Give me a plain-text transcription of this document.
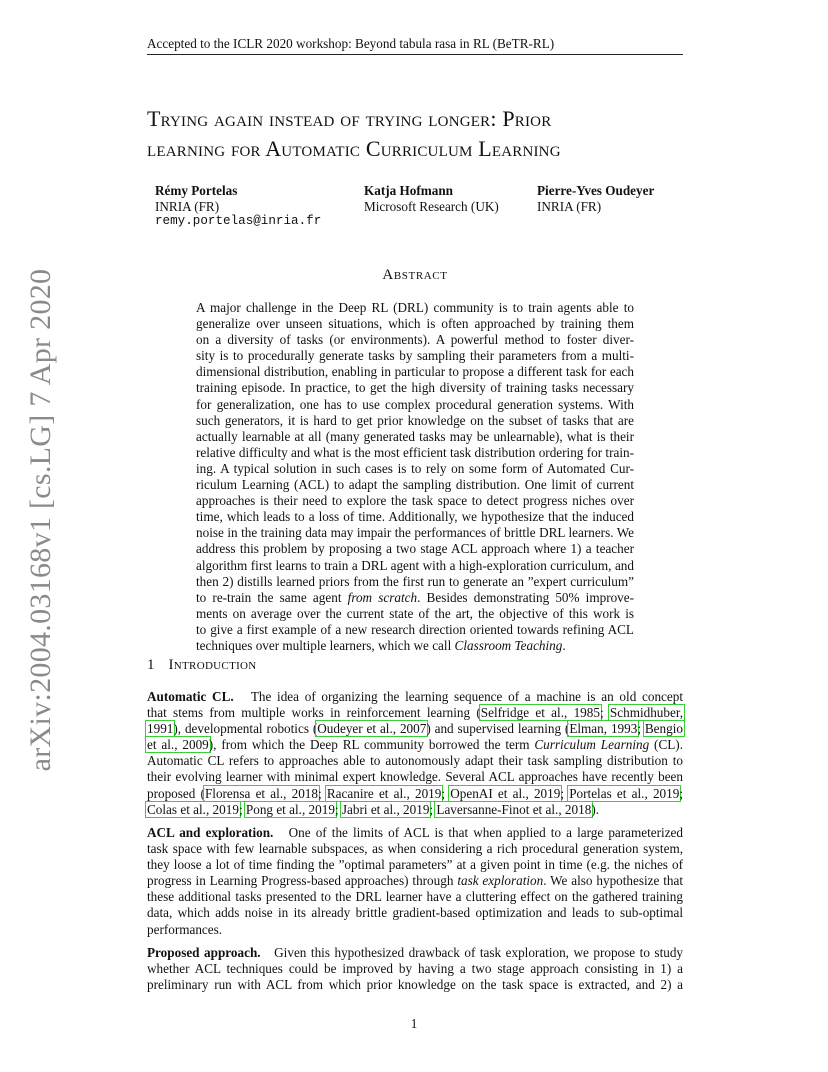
Accepted to the ICLR 2020 workshop: Beyond tabula rasa in RL (BeTR-RL)
Trying again instead of trying longer: Prior
learning for Automatic Curriculum Learning
Rémy Portelas
INRIA (FR)
remy.portelas@inria.fr
Katja Hofmann
Microsoft Research (UK)
Pierre-Yves Oudeyer
INRIA (FR)
Abstract
A major challenge in the Deep RL (DRL) community is to train agents able to
generalize over unseen situations, which is often approached by training them
on a diversity of tasks (or environments). A powerful method to foster diver-
sity is to procedurally generate tasks by sampling their parameters from a multi-
dimensional distribution, enabling in particular to propose a different task for each
training episode. In practice, to get the high diversity of training tasks necessary
for generalization, one has to use complex procedural generation systems. With
such generators, it is hard to get prior knowledge on the subset of tasks that are
actually learnable at all (many generated tasks may be unlearnable), what is their
relative difficulty and what is the most efficient task distribution ordering for train-
ing. A typical solution in such cases is to rely on some form of Automated Cur-
riculum Learning (ACL) to adapt the sampling distribution. One limit of current
approaches is their need to explore the task space to detect progress niches over
time, which leads to a loss of time. Additionally, we hypothesize that the induced
noise in the training data may impair the performances of brittle DRL learners. We
address this problem by proposing a two stage ACL approach where 1) a teacher
algorithm first learns to train a DRL agent with a high-exploration curriculum, and
then 2) distills learned priors from the first run to generate an ”expert curriculum”
to re-train the same agent from scratch. Besides demonstrating 50% improve-
ments on average over the current state of the art, the objective of this work is
to give a first example of a new research direction oriented towards refining ACL
techniques over multiple learners, which we call Classroom Teaching.
1 Introduction
Automatic CL. The idea of organizing the learning sequence of a machine is an old concept
that stems from multiple works in reinforcement learning (Selfridge et al., 1985; Schmidhuber,
1991), developmental robotics (Oudeyer et al., 2007) and supervised learning (Elman, 1993; Bengio
et al., 2009), from which the Deep RL community borrowed the term Curriculum Learning (CL).
Automatic CL refers to approaches able to autonomously adapt their task sampling distribution to
their evolving learner with minimal expert knowledge. Several ACL approaches have recently been
proposed (Florensa et al., 2018; Racanire et al., 2019; OpenAI et al., 2019; Portelas et al., 2019;
Colas et al., 2019; Pong et al., 2019; Jabri et al., 2019; Laversanne-Finot et al., 2018).
ACL and exploration. One of the limits of ACL is that when applied to a large parameterized
task space with few learnable subspaces, as when considering a rich procedural generation system,
they loose a lot of time finding the ”optimal parameters” at a given point in time (e.g. the niches of
progress in Learning Progress-based approaches) through task exploration. We also hypothesize that
these additional tasks presented to the DRL learner have a cluttering effect on the gathered training
data, which adds noise in its already brittle gradient-based optimization and leads to sub-optimal
performances.
Proposed approach. Given this hypothesized drawback of task exploration, we propose to study
whether ACL techniques could be improved by having a two stage approach consisting in 1) a
preliminary run with ACL from which prior knowledge on the task space is extracted, and 2) a
arXiv:2004.03168v1 [cs.LG] 7 Apr 2020
1
